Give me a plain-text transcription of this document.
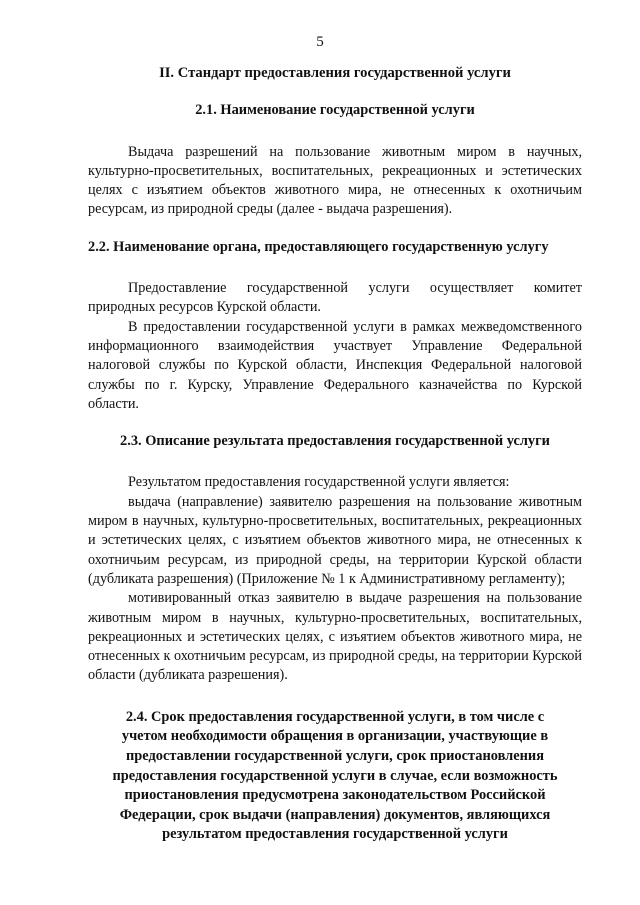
5
II. Стандарт предоставления государственной услуги
2.1. Наименование государственной услуги

Выдача разрешений на пользование животным миром в научных, культурно-просветительных, воспитательных, рекреационных и эстетических целях с изъятием объектов животного мира, не отнесенных к охотничьим ресурсам, из природной среды (далее - выдача разрешения).

2.2. Наименование органа, предоставляющего государственную услугу

Предоставление государственной услуги осуществляет комитет природных ресурсов Курской области.

В предоставлении государственной услуги в рамках межведомственного информационного взаимодействия участвует Управление Федеральной налоговой службы по Курской области, Инспекция Федеральной налоговой службы по г. Курску, Управление Федерального казначейства по Курской области.

2.3. Описание результата предоставления государственной услуги

Результатом предоставления государственной услуги является:

выдача (направление) заявителю разрешения на пользование животным миром в научных, культурно-просветительных, воспитательных, рекреационных и эстетических целях, с изъятием объектов животного мира, не отнесенных к охотничьим ресурсам, из природной среды, на территории Курской области (дубликата разрешения) (Приложение № 1 к Административному регламенту);

мотивированный отказ заявителю в выдаче разрешения на пользование животным миром в научных, культурно-просветительных, воспитательных, рекреационных и эстетических целях, с изъятием объектов животного мира, не отнесенных к охотничьим ресурсам, из природной среды, на территории Курской области (дубликата разрешения).

2.4. Срок предоставления государственной услуги, в том числе с учетом необходимости обращения в организации, участвующие в предоставлении государственной услуги, срок приостановления предоставления государственной услуги в случае, если возможность приостановления предусмотрена законодательством Российской Федерации, срок выдачи (направления) документов, являющихся результатом предоставления государственной услуги
